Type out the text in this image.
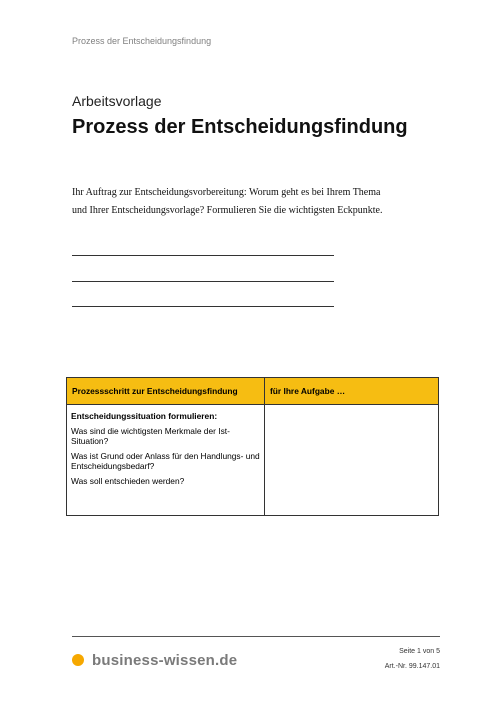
Prozess der Entscheidungsfindung
Arbeitsvorlage
Prozess der Entscheidungsfindung
Ihr Auftrag zur Entscheidungsvorbereitung: Worum geht es bei Ihrem Thema und Ihrer Entscheidungsvorlage? Formulieren Sie die wichtigsten Eckpunkte.
Prozessschritt zur Entscheidungsfindung	für Ihre Aufgabe …

Entscheidungssituation formulieren:
Was sind die wichtigsten Merkmale der Ist-Situation?
Was ist Grund oder Anlass für den Handlungs- und Entscheidungsbedarf?
Was soll entschieden werden?	

business-wissen.de	Seite 1 von 5
Art.-Nr. 99.147.01
